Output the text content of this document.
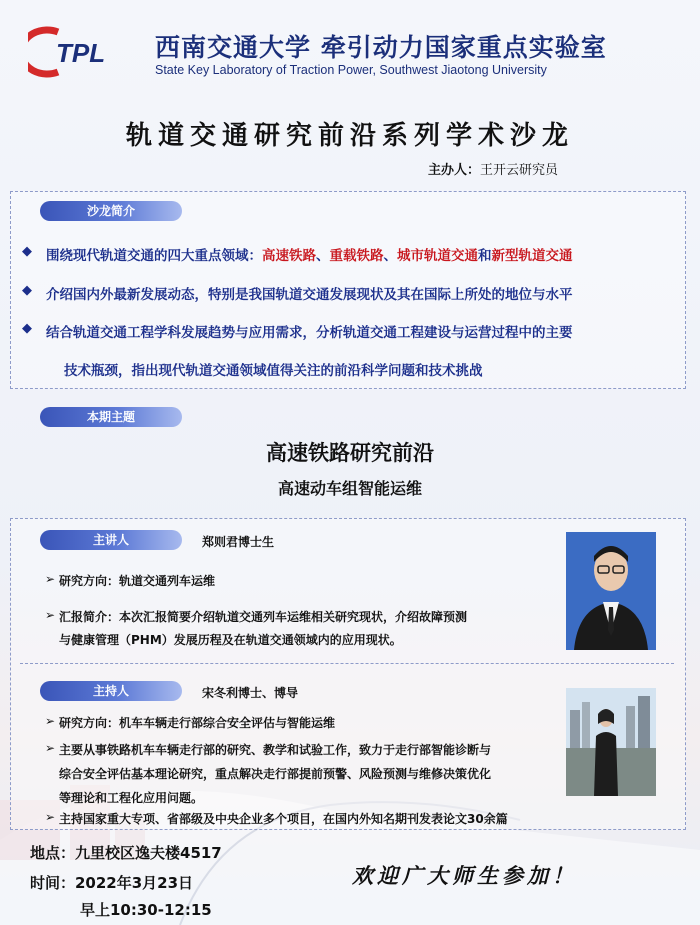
TPL 西南交通大学 牵引动力国家重点实验室
State Key Laboratory of Traction Power, Southwest Jiaotong University
轨道交通研究前沿系列学术沙龙
主办人：王开云研究员
沙龙简介
◆ 围绕现代轨道交通的四大重点领域：高速铁路、重载铁路、城市轨道交通和新型轨道交通
◆ 介绍国内外最新发展动态，特别是我国轨道交通发展现状及其在国际上所处的地位与水平
◆ 结合轨道交通工程学科发展趋势与应用需求，分析轨道交通工程建设与运营过程中的主要
技术瓶颈，指出现代轨道交通领域值得关注的前沿科学问题和技术挑战
本期主题
高速铁路研究前沿
高速动车组智能运维
主讲人	郑则君博士生
➢ 研究方向：轨道交通列车运维
➢ 汇报简介：本次汇报简要介绍轨道交通列车运维相关研究现状，介绍故障预测
与健康管理（PHM）发展历程及在轨道交通领域内的应用现状。
主持人	宋冬利博士、博导
➢ 研究方向：机车车辆走行部综合安全评估与智能运维
➢ 主要从事铁路机车车辆走行部的研究、教学和试验工作，致力于走行部智能诊断与
综合安全评估基本理论研究，重点解决走行部提前预警、风险预测与维修决策优化
等理论和工程化应用问题。
➢ 主持国家重大专项、省部级及中央企业多个项目，在国内外知名期刊发表论文30余篇
地点：九里校区逸夫楼4517
时间：2022年3月23日
早上10:30-12:15
欢迎广大师生参加！
